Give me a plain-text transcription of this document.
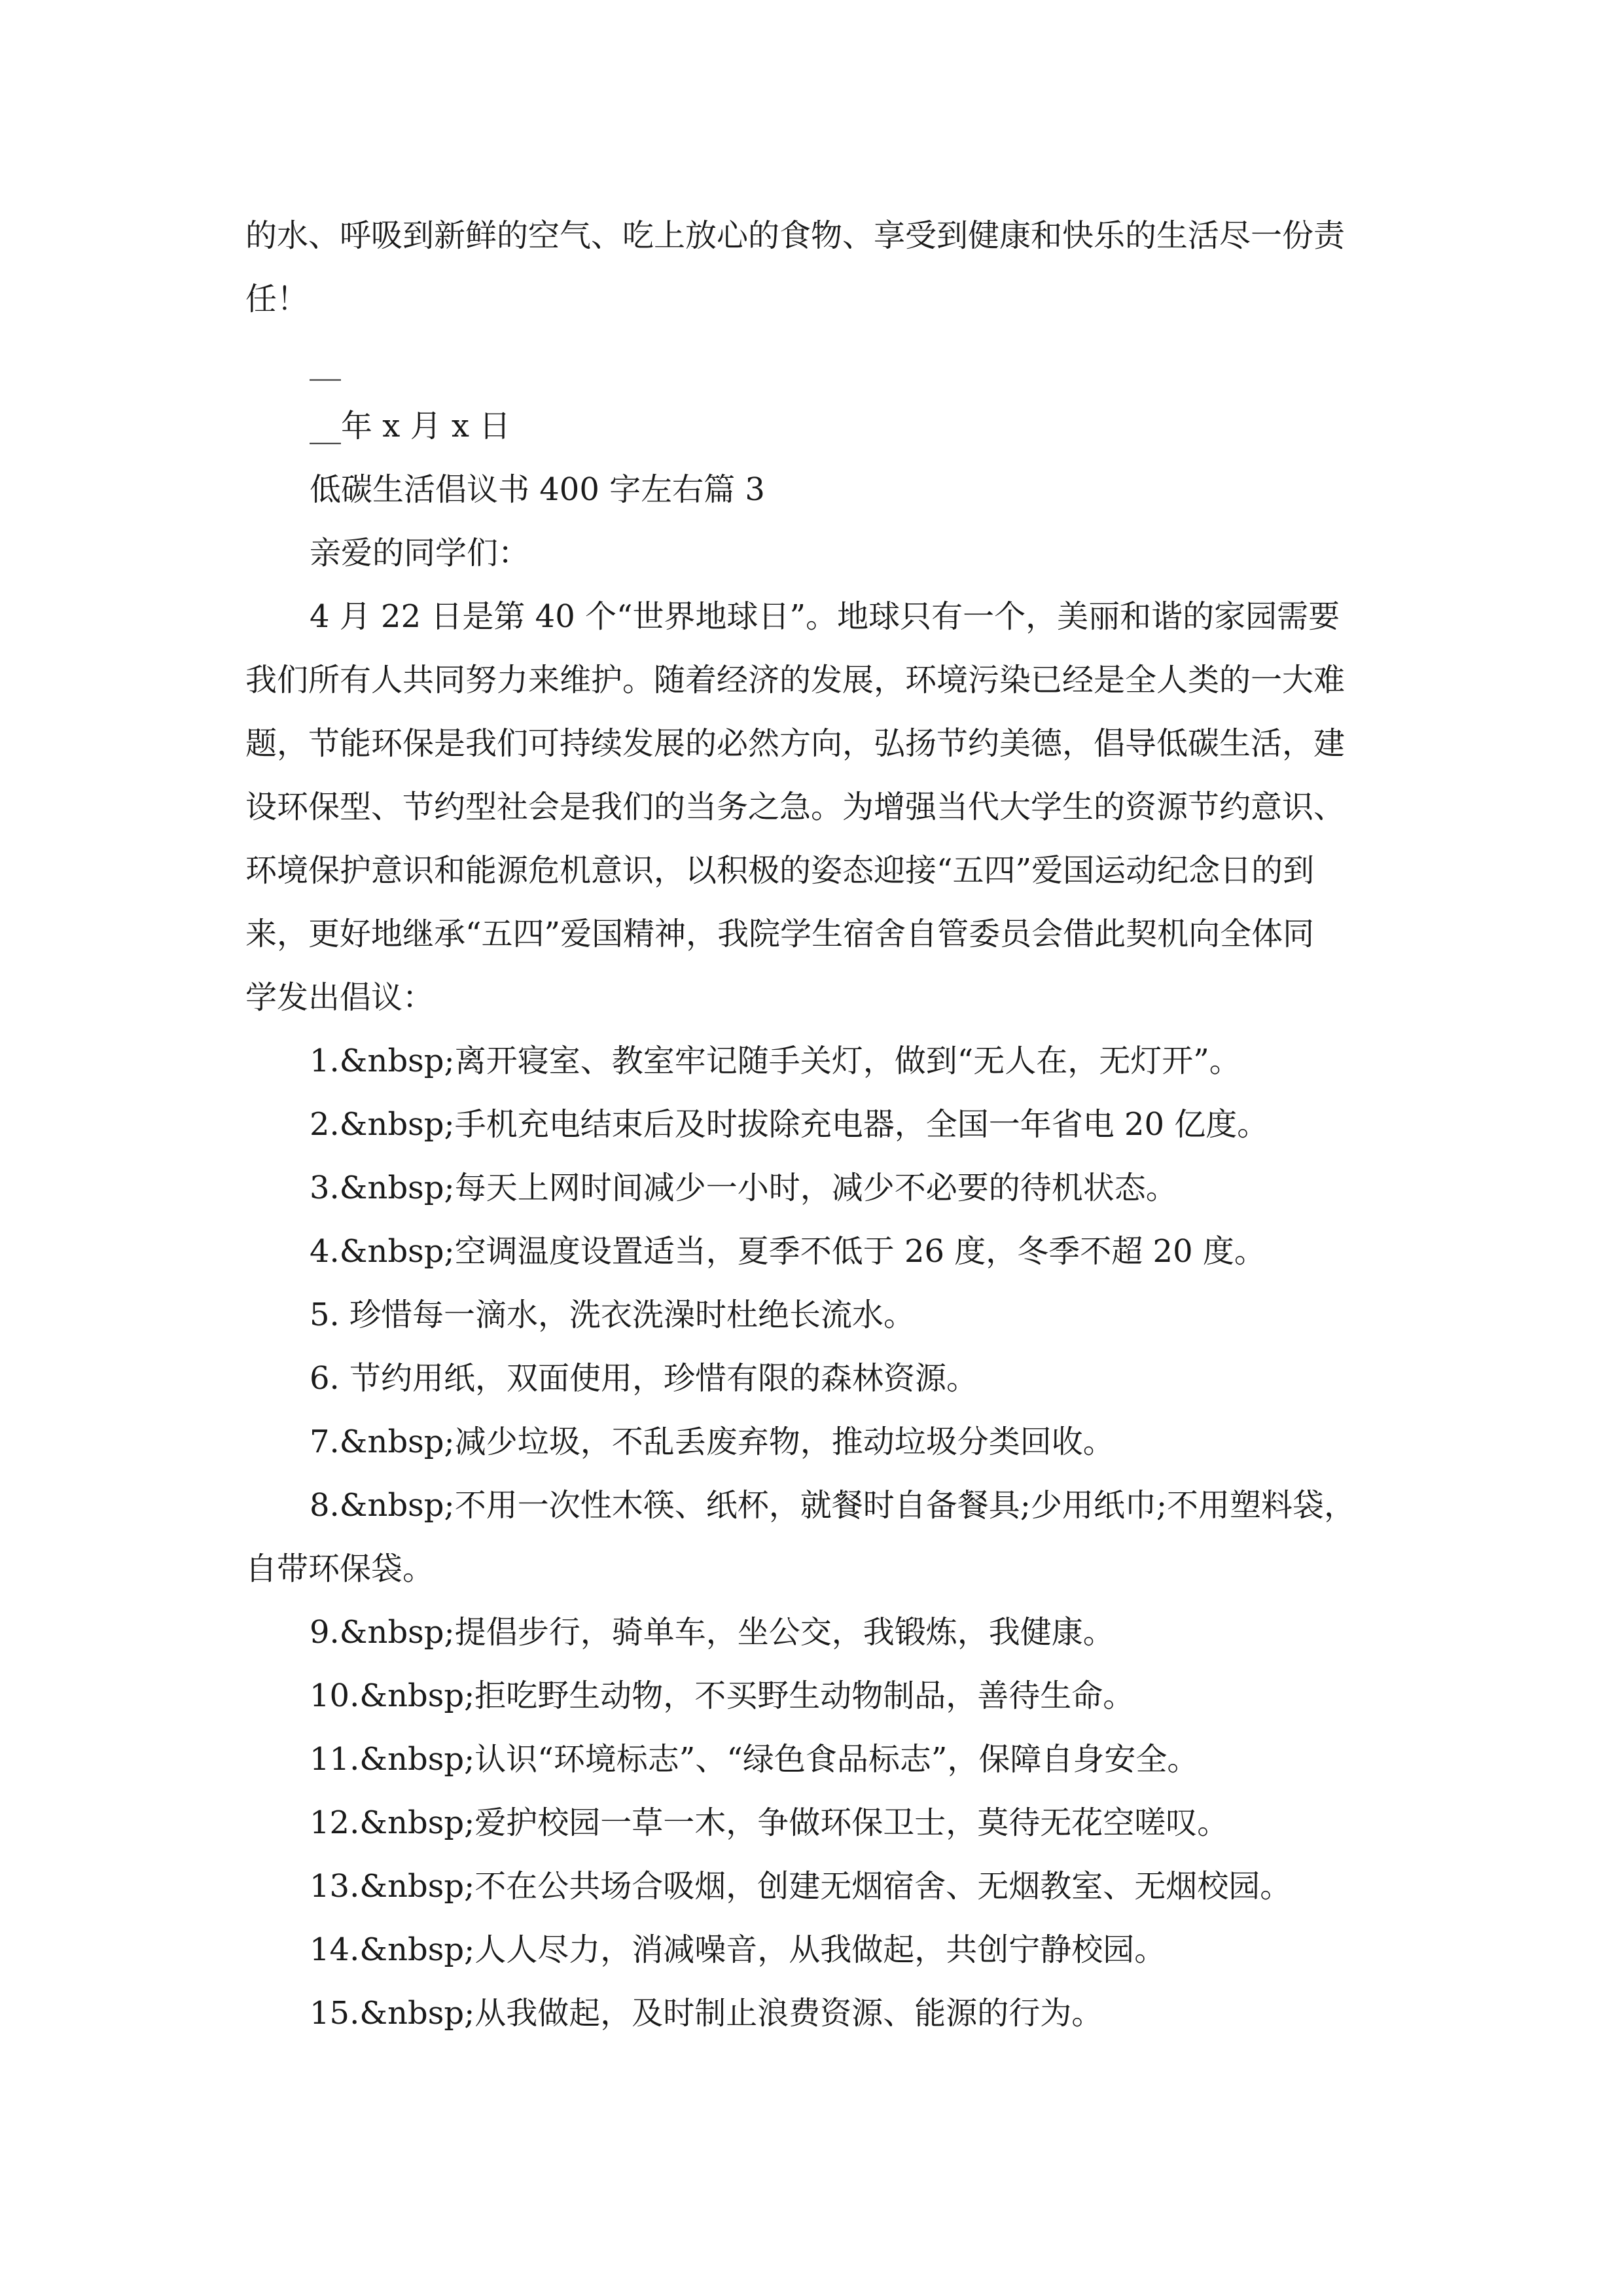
的水、呼吸到新鲜的空气、吃上放心的食物、享受到健康和快乐的生活尽一份责

任！

__

__年 x 月 x 日

低碳生活倡议书 400 字左右篇 3

亲爱的同学们：

4 月 22 日是第 40 个“世界地球日”。地球只有一个，美丽和谐的家园需要

我们所有人共同努力来维护。随着经济的发展，环境污染已经是全人类的一大难

题，节能环保是我们可持续发展的必然方向，弘扬节约美德，倡导低碳生活，建

设环保型、节约型社会是我们的当务之急。为增强当代大学生的资源节约意识、

环境保护意识和能源危机意识，以积极的姿态迎接“五四”爱国运动纪念日的到

来，更好地继承“五四”爱国精神，我院学生宿舍自管委员会借此契机向全体同

学发出倡议：

1.&nbsp;离开寝室、教室牢记随手关灯，做到“无人在，无灯开”。

2.&nbsp;手机充电结束后及时拔除充电器，全国一年省电 20 亿度。

3.&nbsp;每天上网时间减少一小时，减少不必要的待机状态。

4.&nbsp;空调温度设置适当，夏季不低于 26 度，冬季不超 20 度。

5. 珍惜每一滴水，洗衣洗澡时杜绝长流水。

6. 节约用纸，双面使用，珍惜有限的森林资源。

7.&nbsp;减少垃圾，不乱丢废弃物，推动垃圾分类回收。

8.&nbsp;不用一次性木筷、纸杯，就餐时自备餐具;少用纸巾;不用塑料袋，

自带环保袋。

9.&nbsp;提倡步行，骑单车，坐公交，我锻炼，我健康。

10.&nbsp;拒吃野生动物，不买野生动物制品，善待生命。

11.&nbsp;认识“环境标志”、“绿色食品标志”，保障自身安全。

12.&nbsp;爱护校园一草一木，争做环保卫士，莫待无花空嗟叹。

13.&nbsp;不在公共场合吸烟，创建无烟宿舍、无烟教室、无烟校园。

14.&nbsp;人人尽力，消减噪音，从我做起，共创宁静校园。

15.&nbsp;从我做起，及时制止浪费资源、能源的行为。
